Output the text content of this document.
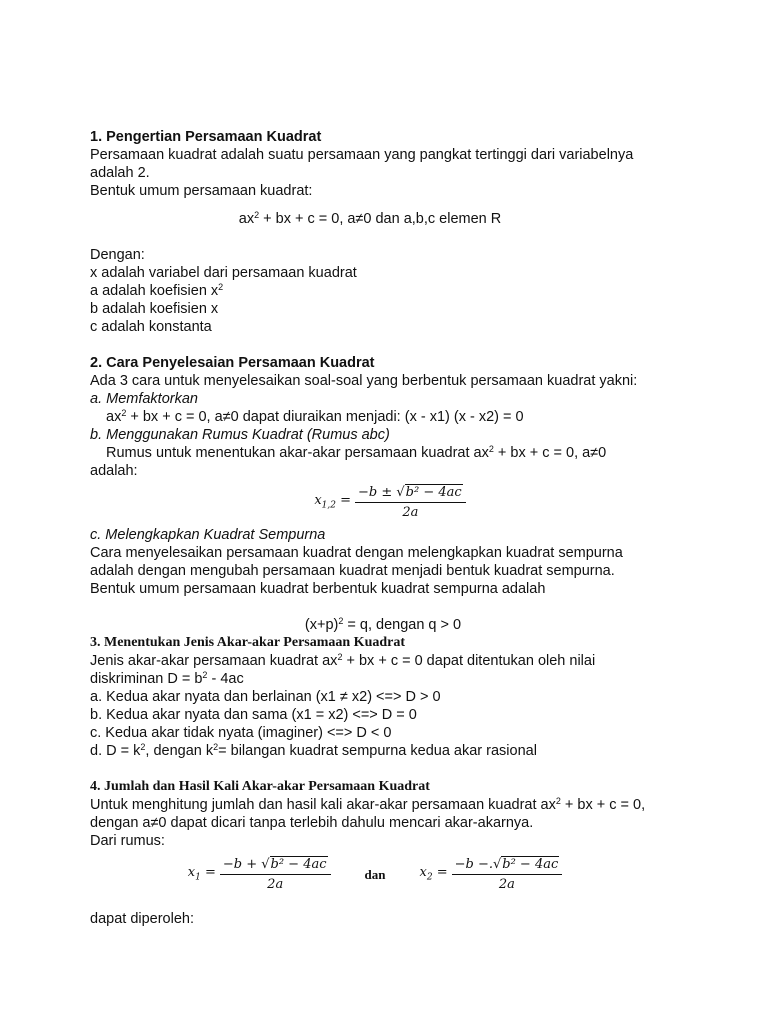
1. Pengertian Persamaan Kuadrat
Persamaan kuadrat adalah suatu persamaan yang pangkat tertinggi dari variabelnya
adalah 2.
Bentuk umum persamaan kuadrat:
$ax^2$ + bx + c = 0, a≠0 dan a,b,c elemen R
Dengan:
x adalah variabel dari persamaan kuadrat
a adalah koefisien $x^2$
b adalah koefisien x
c adalah konstanta
2. Cara Penyelesaian Persamaan Kuadrat
Ada 3 cara untuk menyelesaikan soal-soal yang berbentuk persamaan kuadrat yakni:
a. Memfaktorkan
$ax^2$ + bx + c = 0, a≠0 dapat diuraikan menjadi: (x - x1) (x - x2) = 0
b. Menggunakan Rumus Kuadrat (Rumus abc)
Rumus untuk menentukan akar-akar persamaan kuadrat $ax^2$ + bx + c = 0, a≠0
adalah:
$x_{1,2} = \frac{\text{−b ± √b² − 4ac}}{2a}$
c. Melengkapkan Kuadrat Sempurna
Cara menyelesaikan persamaan kuadrat dengan melengkapkan kuadrat sempurna
adalah dengan mengubah persamaan kuadrat menjadi bentuk kuadrat sempurna.
Bentuk umum persamaan kuadrat berbentuk kuadrat sempurna adalah
$(x+p)^2 = q$, dengan q > 0
3. Menentukan Jenis Akar-akar Persamaan Kuadrat
Jenis akar-akar persamaan kuadrat $ax^2$ + bx + c = 0 dapat ditentukan oleh nilai
diskriminan $D = b^2 - 4ac$
a. Kedua akar nyata dan berlainan (x1 ≠ x2) <=> D > 0
b. Kedua akar nyata dan sama (x1 = x2) <=> D = 0
c. Kedua akar tidak nyata (imaginer) <=> D < 0
d. $D = k^2$, dengan $k^2=$ bilangan kuadrat sempurna kedua akar rasional
4. Jumlah dan Hasil Kali Akar-akar Persamaan Kuadrat
Untuk menghitung jumlah dan hasil kali akar-akar persamaan kuadrat $ax^2$ + bx + c = 0,
dengan a≠0 dapat dicari tanpa terlebih dahulu mencari akar-akarnya.
Dari rumus:
$x_1 = \frac{\text{−b + √b² − 4ac}}{2a}$	dan	$x_2 = \frac{\text{−b −.√b² − 4ac}}{2a}$
dapat diperoleh:
